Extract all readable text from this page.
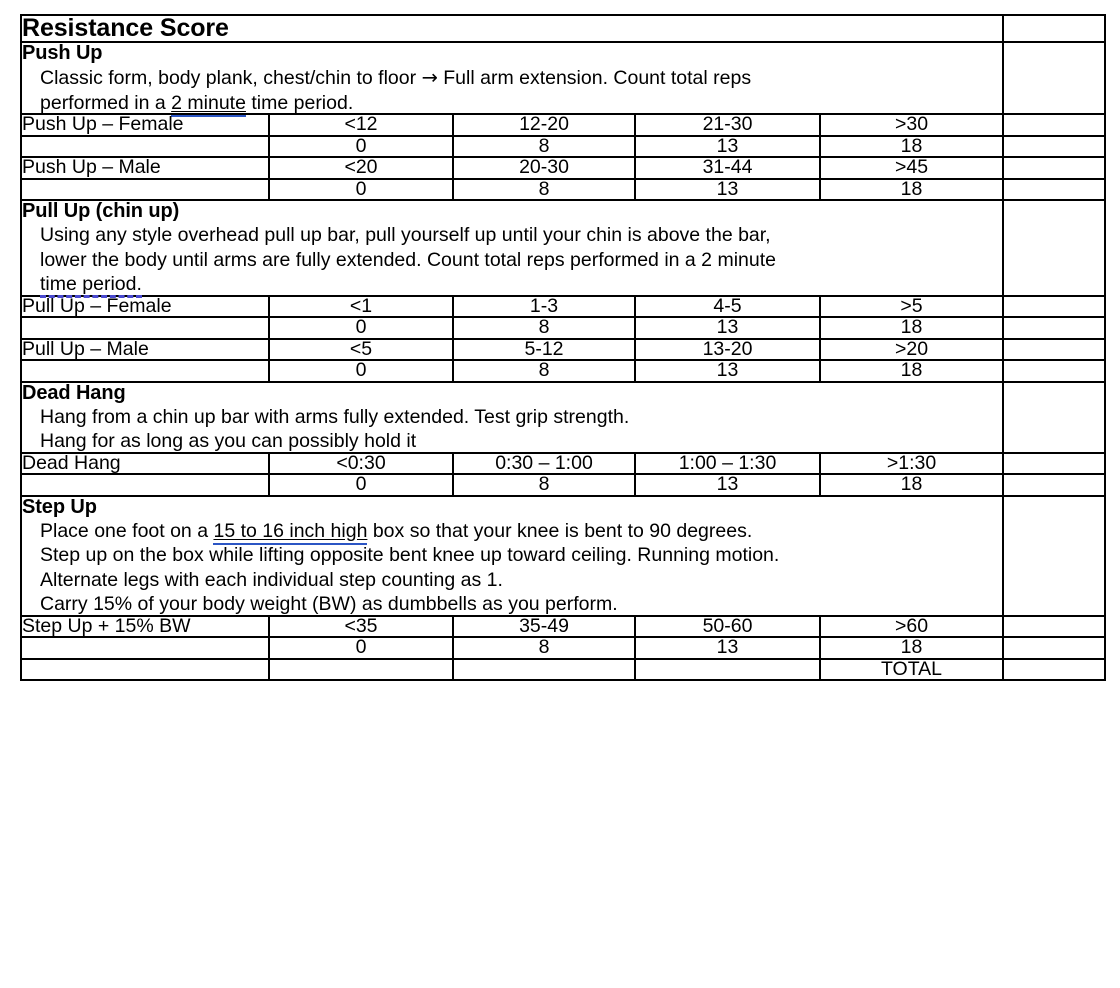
Resistance Score					

Push Up
Classic form, body plank, chest/chin to floor → Full arm extension. Count total reps
performed in a 2 minute time period.					

Push Up – Female	<12	12-20	21-30	>30	
	0	8	13	18	
Push Up – Male	<20	20-30	31-44	>45	
	0	8	13	18	

Pull Up (chin up)
Using any style overhead pull up bar, pull yourself up until your chin is above the bar,
lower the body until arms are fully extended. Count total reps performed in a 2 minute
time period.					

Pull Up – Female	<1	1-3	4-5	>5	
	0	8	13	18	
Pull Up – Male	<5	5-12	13-20	>20	
	0	8	13	18	

Dead Hang
Hang from a chin up bar with arms fully extended. Test grip strength.
Hang for as long as you can possibly hold it					

Dead Hang	<0:30	0:30 – 1:00	1:00 – 1:30	>1:30	
	0	8	13	18	

Step Up
Place one foot on a 15 to 16 inch high box so that your knee is bent to 90 degrees.
Step up on the box while lifting opposite bent knee up toward ceiling. Running motion.
Alternate legs with each individual step counting as 1.
Carry 15% of your body weight (BW) as dumbbells as you perform.					

Step Up + 15% BW	<35	35-49	50-60	>60	
	0	8	13	18	
				TOTAL	
